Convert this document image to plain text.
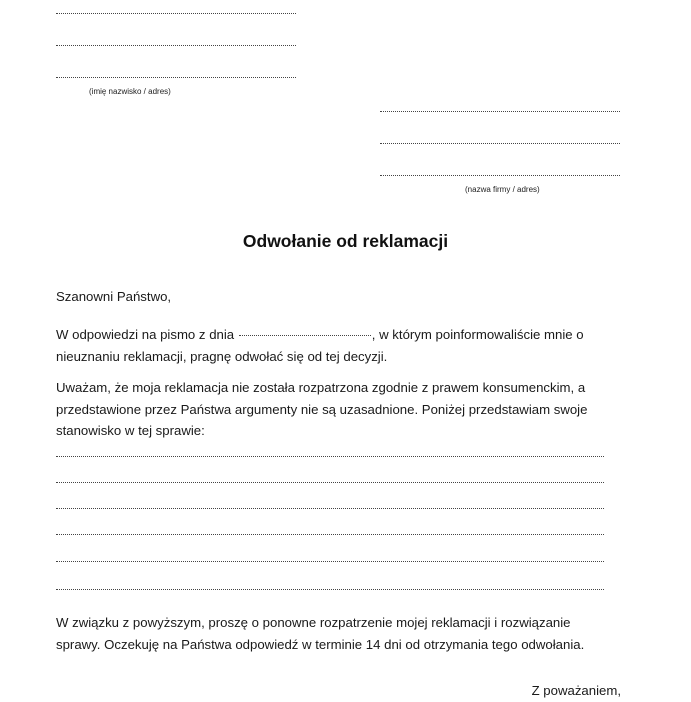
(imię nazwisko / adres)
(nazwa firmy / adres)
Odwołanie od reklamacji
Szanowni Państwo,
W odpowiedzi na pismo z dnia	, w którym poinformowaliście mnie o
nieuznaniu reklamacji, pragnę odwołać się od tej decyzji.
Uważam, że moja reklamacja nie została rozpatrzona zgodnie z prawem konsumenckim, a
przedstawione przez Państwa argumenty nie są uzasadnione. Poniżej przedstawiam swoje
stanowisko w tej sprawie:
W związku z powyższym, proszę o ponowne rozpatrzenie mojej reklamacji i rozwiązanie
sprawy. Oczekuję na Państwa odpowiedź w terminie 14 dni od otrzymania tego odwołania.
Z poważaniem,
